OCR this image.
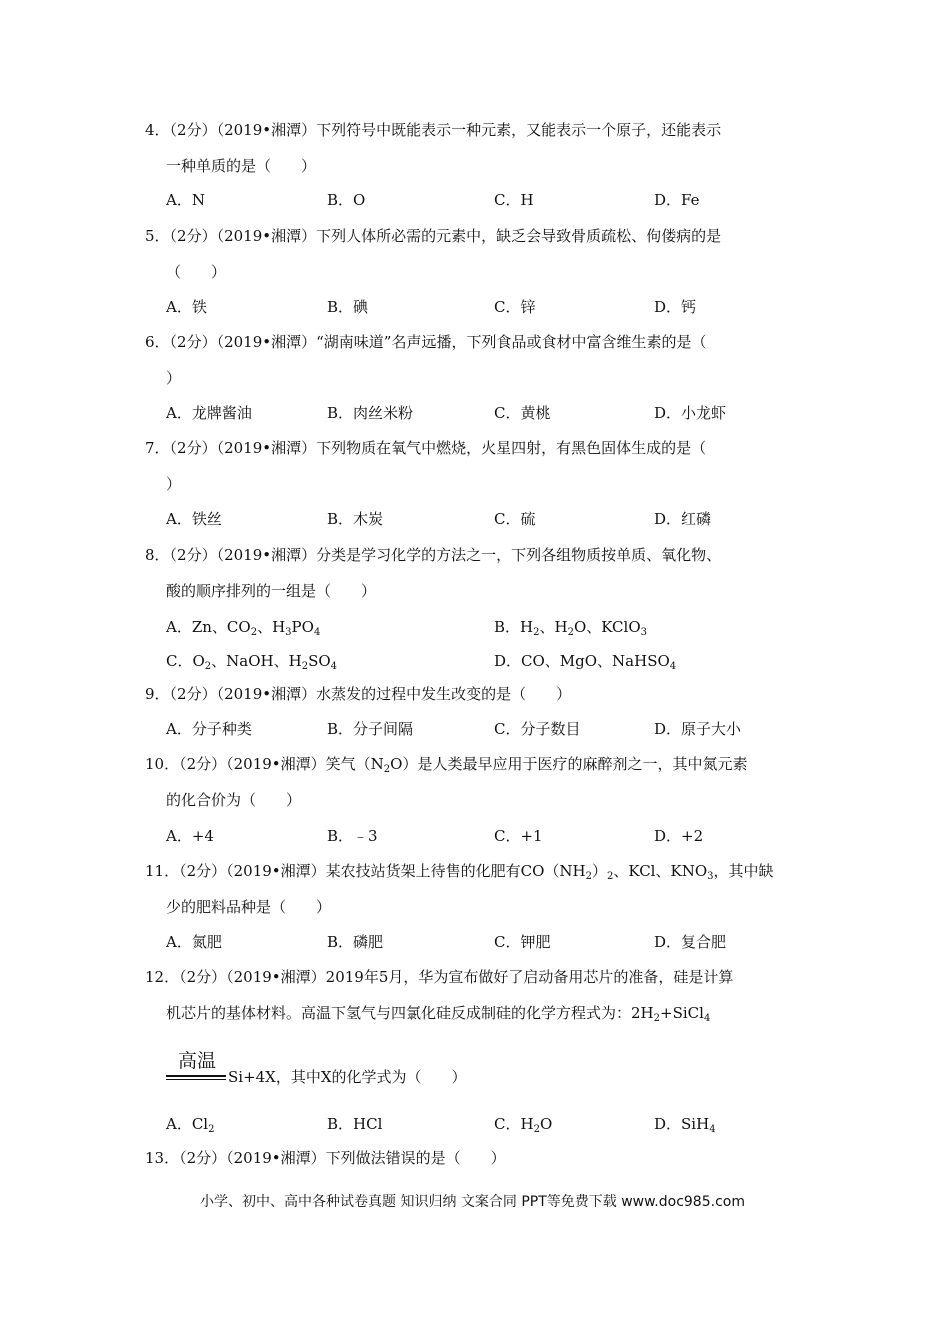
4．（2分）（2019•湘潭）下列符号中既能表示一种元素，又能表示一个原子，还能表示
一种单质的是（　　）
A．N	B．O	C．H	D．Fe
5．（2分）（2019•湘潭）下列人体所必需的元素中，缺乏会导致骨质疏松、佝偻病的是
（　　）
A．铁	B．碘	C．锌	D．钙
6．（2分）（2019•湘潭）“湖南味道”名声远播，下列食品或食材中富含维生素的是（
）
A．龙牌酱油	B．肉丝米粉	C．黄桃	D．小龙虾
7．（2分）（2019•湘潭）下列物质在氧气中燃烧，火星四射，有黑色固体生成的是（
）
A．铁丝	B．木炭	C．硫	D．红磷
8．（2分）（2019•湘潭）分类是学习化学的方法之一，下列各组物质按单质、氧化物、
酸的顺序排列的一组是（　　）
A．Zn、$CO_2$、$H_3PO_4$	B．$H_2$、$H_2O$、KClO$_3$
C．$O_2$、NaOH、$H_2SO_4$	D．CO、MgO、NaHSO$_4$
9．（2分）（2019•湘潭）水蒸发的过程中发生改变的是（　　）
A．分子种类	B．分子间隔	C．分子数目	D．原子大小
10．（2分）（2019•湘潭）笑气$(N_2O)$是人类最早应用于医疗的麻醉剂之一，其中氮元素
的化合价为（　　）
A．+4	B．﹣3	C．+1	D．+2
11．（2分）（2019•湘潭）某农技站货架上待售的化肥有$CO(NH_2)_2$、KCl、$KNO_3$，其中缺
少的肥料品种是（　　）
A．氮肥	B．磷肥	C．钾肥	D．复合肥
12．（2分）（2019•湘潭）2019年5月，华为宣布做好了启动备用芯片的准备，硅是计算
机芯片的基体材料。高温下氢气与四氯化硅反成制硅的化学方程式为：$2H_2+SiCl_4$
高温
Si+4X，其中X的化学式为（　　）
A．$Cl_2$	B．HCl	C．$H_2O$	D．SiH$_4$
13．（2分）（2019•湘潭）下列做法错误的是（　　）
小学、初中、高中各种试卷真题 知识归纳 文案合同 PPT等免费下载 www.doc985.com
